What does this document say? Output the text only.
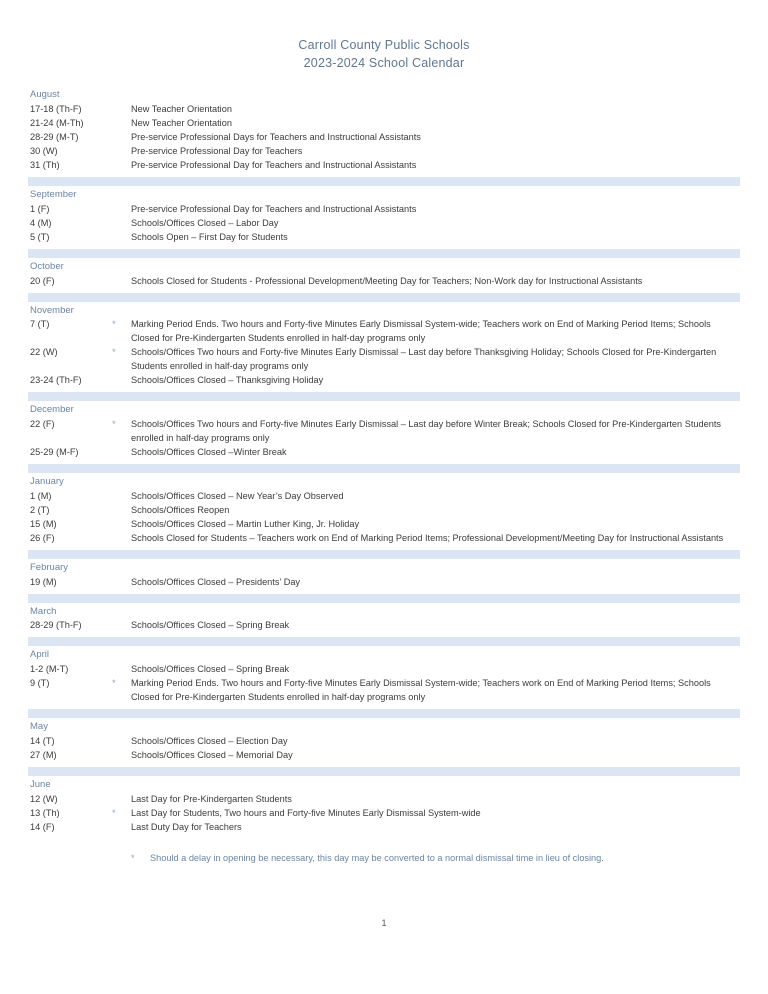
Carroll County Public Schools
2023-2024 School Calendar
August
17-18 (Th-F)	New Teacher Orientation
21-24 (M-Th)	New Teacher Orientation
28-29 (M-T)	Pre-service Professional Days for Teachers and Instructional Assistants
30 (W)	Pre-service Professional Day for Teachers
31 (Th)	Pre-service Professional Day for Teachers and Instructional Assistants
September
1 (F)	Pre-service Professional Day for Teachers and Instructional Assistants
4 (M)	Schools/Offices Closed – Labor Day
5 (T)	Schools Open – First Day for Students
October
20 (F)	Schools Closed for Students - Professional Development/Meeting Day for Teachers; Non-Work day for Instructional Assistants
November
7 (T)	*	Marking Period Ends. Two hours and Forty-five Minutes Early Dismissal System-wide; Teachers work on End of Marking Period Items; Schools Closed for Pre-Kindergarten Students enrolled in half-day programs only
22 (W)	*	Schools/Offices Two hours and Forty-five Minutes Early Dismissal – Last day before Thanksgiving Holiday; Schools Closed for Pre-Kindergarten Students enrolled in half-day programs only
23-24 (Th-F)	Schools/Offices Closed – Thanksgiving Holiday
December
22 (F)	*	Schools/Offices Two hours and Forty-five Minutes Early Dismissal – Last day before Winter Break; Schools Closed for Pre-Kindergarten Students enrolled in half-day programs only
25-29 (M-F)	Schools/Offices Closed –Winter Break
January
1 (M)	Schools/Offices Closed – New Year’s Day Observed
2 (T)	Schools/Offices Reopen
15 (M)	Schools/Offices Closed – Martin Luther King, Jr. Holiday
26 (F)	Schools Closed for Students – Teachers work on End of Marking Period Items; Professional Development/Meeting Day for Instructional Assistants
February
19 (M)	Schools/Offices Closed – Presidents’ Day
March
28-29 (Th-F)	Schools/Offices Closed – Spring Break
April
1-2 (M-T)	Schools/Offices Closed – Spring Break
9 (T)	*	Marking Period Ends. Two hours and Forty-five Minutes Early Dismissal System-wide; Teachers work on End of Marking Period Items; Schools Closed for Pre-Kindergarten Students enrolled in half-day programs only
May
14 (T)	Schools/Offices Closed – Election Day
27 (M)	Schools/Offices Closed – Memorial Day
June
12 (W)	Last Day for Pre-Kindergarten Students
13 (Th)	*	Last Day for Students, Two hours and Forty-five Minutes Early Dismissal System-wide
14 (F)	Last Duty Day for Teachers
*	Should a delay in opening be necessary, this day may be converted to a normal dismissal time in lieu of closing.
1
